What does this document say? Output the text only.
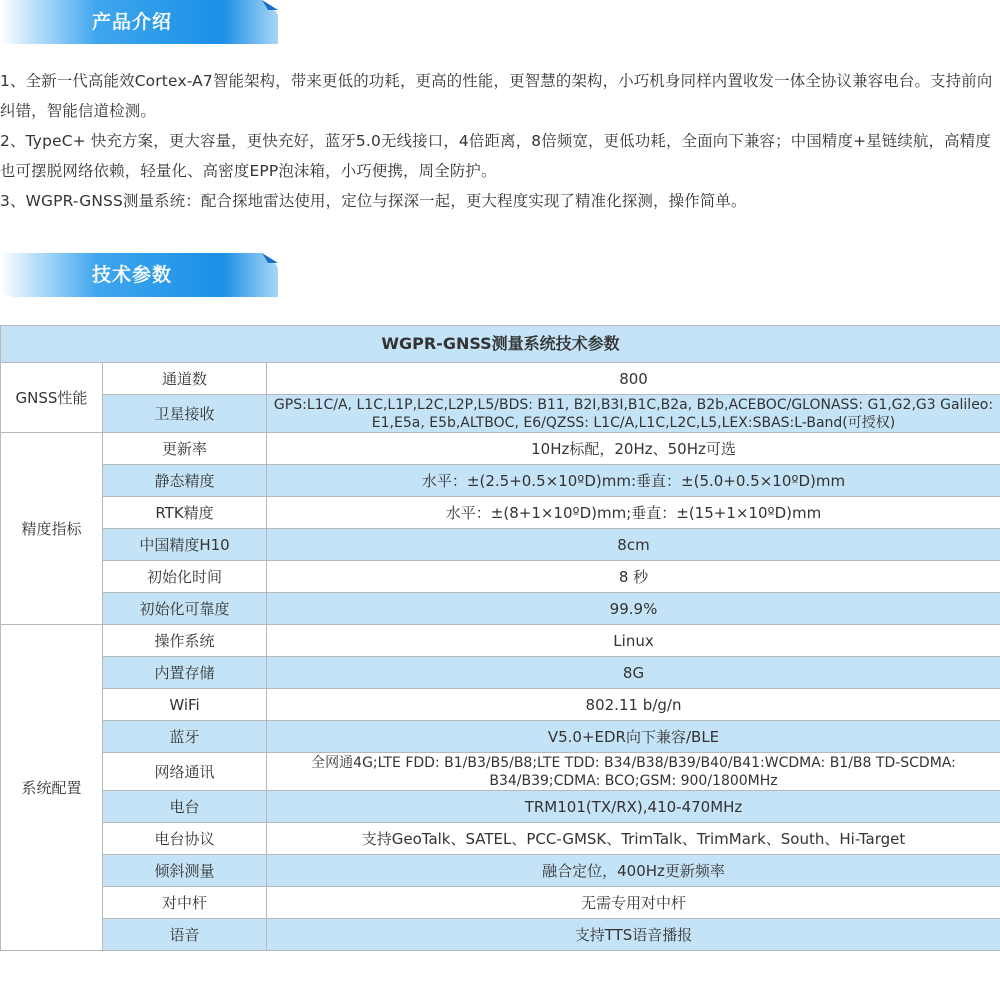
产品介绍

1、全新一代高能效Cortex-A7智能架构，带来更低的功耗，更高的性能，更智慧的架构，小巧机身同样内置收发一体全协议兼容电台。支持前向纠错，智能信道检测。

2、TypeC+ 快充方案，更大容量，更快充好，蓝牙5.0无线接口，4倍距离，8倍频宽，更低功耗，全面向下兼容；中国精度+星链续航，高精度也可摆脱网络依赖，轻量化、高密度EPP泡沫箱，小巧便携，周全防护。

3、WGPR-GNSS测量系统：配合探地雷达使用，定位与探深一起，更大程度实现了精准化探测，操作简单。

技术参数
WGPR-GNSS测量系统技术参数		
GNSS性能	通道数	800
	卫星接收	GPS:L1C/A, L1C,L1P,L2C,L2P,L5/BDS: B11, B2I,B3I,B1C,B2a, B2b,ACEBOC/GLONASS: G1,G2,G3 Galileo: E1,E5a, E5b,ALTBOC, E6/QZSS: L1C/A,L1C,L2C,L5,LEX:SBAS:L-Band(可授权)
精度指标	更新率	10Hz标配，20Hz、50Hz可选
	静态精度	水平：±(2.5+0.5×10ºD)mm:垂直：±(5.0+0.5×10ºD)mm
	RTK精度	水平：±(8+1×10ºD)mm;垂直：±(15+1×10ºD)mm
	中国精度H10	8cm
	初始化时间	8 秒
	初始化可靠度	99.9%
系统配置	操作系统	Linux
	内置存储	8G
	WiFi	802.11 b/g/n
	蓝牙	V5.0+EDR向下兼容/BLE
	网络通讯	全网通4G;LTE FDD: B1/B3/B5/B8;LTE TDD: B34/B38/B39/B40/B41:WCDMA: B1/B8 TD-SCDMA: B34/B39;CDMA: BCO;GSM: 900/1800MHz
	电台	TRM101(TX/RX),410-470MHz
	电台协议	支持GeoTalk、SATEL、PCC-GMSK、TrimTalk、TrimMark、South、Hi-Target
	倾斜测量	融合定位，400Hz更新频率
	对中杆	无需专用对中杆
	语音	支持TTS语音播报
